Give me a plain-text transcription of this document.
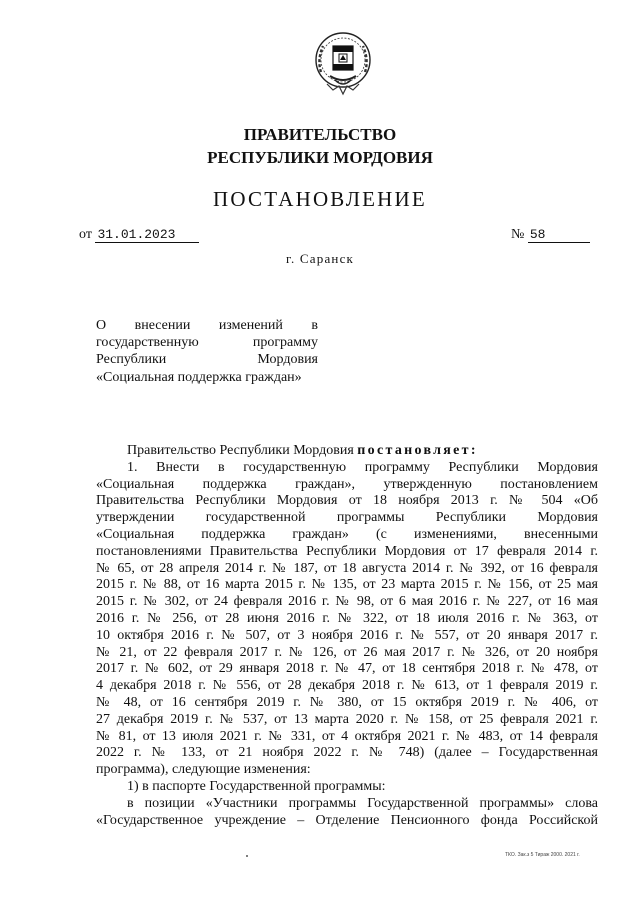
ПРАВИТЕЛЬСТВО
РЕСПУБЛИКИ МОРДОВИЯ
ПОСТАНОВЛЕНИЕ
от 31.01.2023	№ 58
г. Саранск
О внесении изменений в
государственную программу
Республики Мордовия
«Социальная поддержка граждан»
Правительство Республики Мордовия постановляет:
1. Внести в государственную программу Республики Мордовия
«Социальная поддержка граждан», утвержденную постановлением
Правительства Республики Мордовия от 18 ноября 2013 г. № 504 «Об
утверждении государственной программы Республики Мордовия
«Социальная поддержка граждан» (с изменениями, внесенными
постановлениями Правительства Республики Мордовия от 17 февраля 2014 г.
№ 65, от 28 апреля 2014 г. № 187, от 18 августа 2014 г. № 392, от 16 февраля
2015 г. № 88, от 16 марта 2015 г. № 135, от 23 марта 2015 г. № 156, от 25 мая
2015 г. № 302, от 24 февраля 2016 г. № 98, от 6 мая 2016 г. № 227, от 16 мая
2016 г. № 256, от 28 июня 2016 г. № 322, от 18 июля 2016 г. № 363, от
10 октября 2016 г. № 507, от 3 ноября 2016 г. № 557, от 20 января 2017 г.
№ 21, от 22 февраля 2017 г. № 126, от 26 мая 2017 г. № 326, от 20 ноября
2017 г. № 602, от 29 января 2018 г. № 47, от 18 сентября 2018 г. № 478, от
4 декабря 2018 г. № 556, от 28 декабря 2018 г. № 613, от 1 февраля 2019 г.
№ 48, от 16 сентября 2019 г. № 380, от 15 октября 2019 г. № 406, от
27 декабря 2019 г. № 537, от 13 марта 2020 г. № 158, от 25 февраля 2021 г.
№ 81, от 13 июля 2021 г. № 331, от 4 октября 2021 г. № 483, от 14 февраля
2022 г. № 133, от 21 ноября 2022 г. № 748) (далее – Государственная
программа), следующие изменения:
1) в паспорте Государственной программы:
в позиции «Участники программы Государственной программы» слова
«Государственное учреждение – Отделение Пенсионного фонда Российской
ТКО. Зак.з 5 Тираж 2000. 2021 г.
